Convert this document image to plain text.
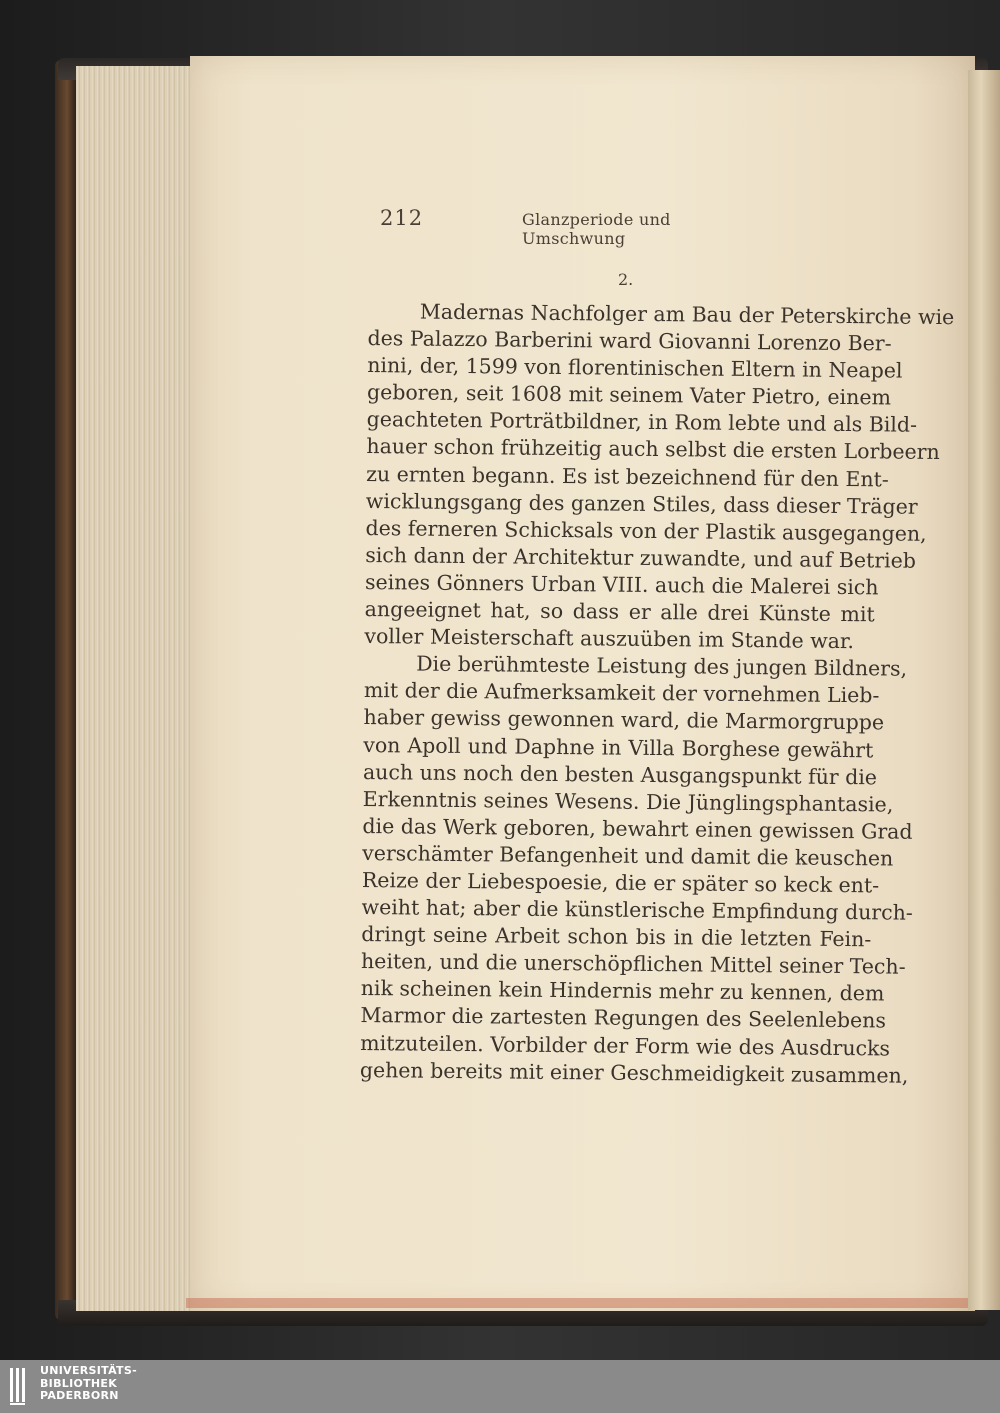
212	Glanzperiode und Umschwung
2.
Madernas Nachfolger am Bau der Peterskirche wie
des Palazzo Barberini ward Giovanni Lorenzo Ber-
nini, der, 1599 von florentinischen Eltern in Neapel
geboren, seit 1608 mit seinem Vater Pietro, einem
geachteten Porträtbildner, in Rom lebte und als Bild-
hauer schon frühzeitig auch selbst die ersten Lorbeern
zu ernten begann. Es ist bezeichnend für den Ent-
wicklungsgang des ganzen Stiles, dass dieser Träger
des ferneren Schicksals von der Plastik ausgegangen,
sich dann der Architektur zuwandte, und auf Betrieb
seines Gönners Urban VIII. auch die Malerei sich
angeeignet hat, so dass er alle drei Künste mit
voller Meisterschaft auszuüben im Stande war.
Die berühmteste Leistung des jungen Bildners,
mit der die Aufmerksamkeit der vornehmen Lieb-
haber gewiss gewonnen ward, die Marmorgruppe
von Apoll und Daphne in Villa Borghese gewährt
auch uns noch den besten Ausgangspunkt für die
Erkenntnis seines Wesens. Die Jünglingsphantasie,
die das Werk geboren, bewahrt einen gewissen Grad
verschämter Befangenheit und damit die keuschen
Reize der Liebespoesie, die er später so keck ent-
weiht hat; aber die künstlerische Empfindung durch-
dringt seine Arbeit schon bis in die letzten Fein-
heiten, und die unerschöpflichen Mittel seiner Tech-
nik scheinen kein Hindernis mehr zu kennen, dem
Marmor die zartesten Regungen des Seelenlebens
mitzuteilen. Vorbilder der Form wie des Ausdrucks
gehen bereits mit einer Geschmeidigkeit zusammen,
UNIVERSITÄTS-
BIBLIOTHEK
PADERBORN
